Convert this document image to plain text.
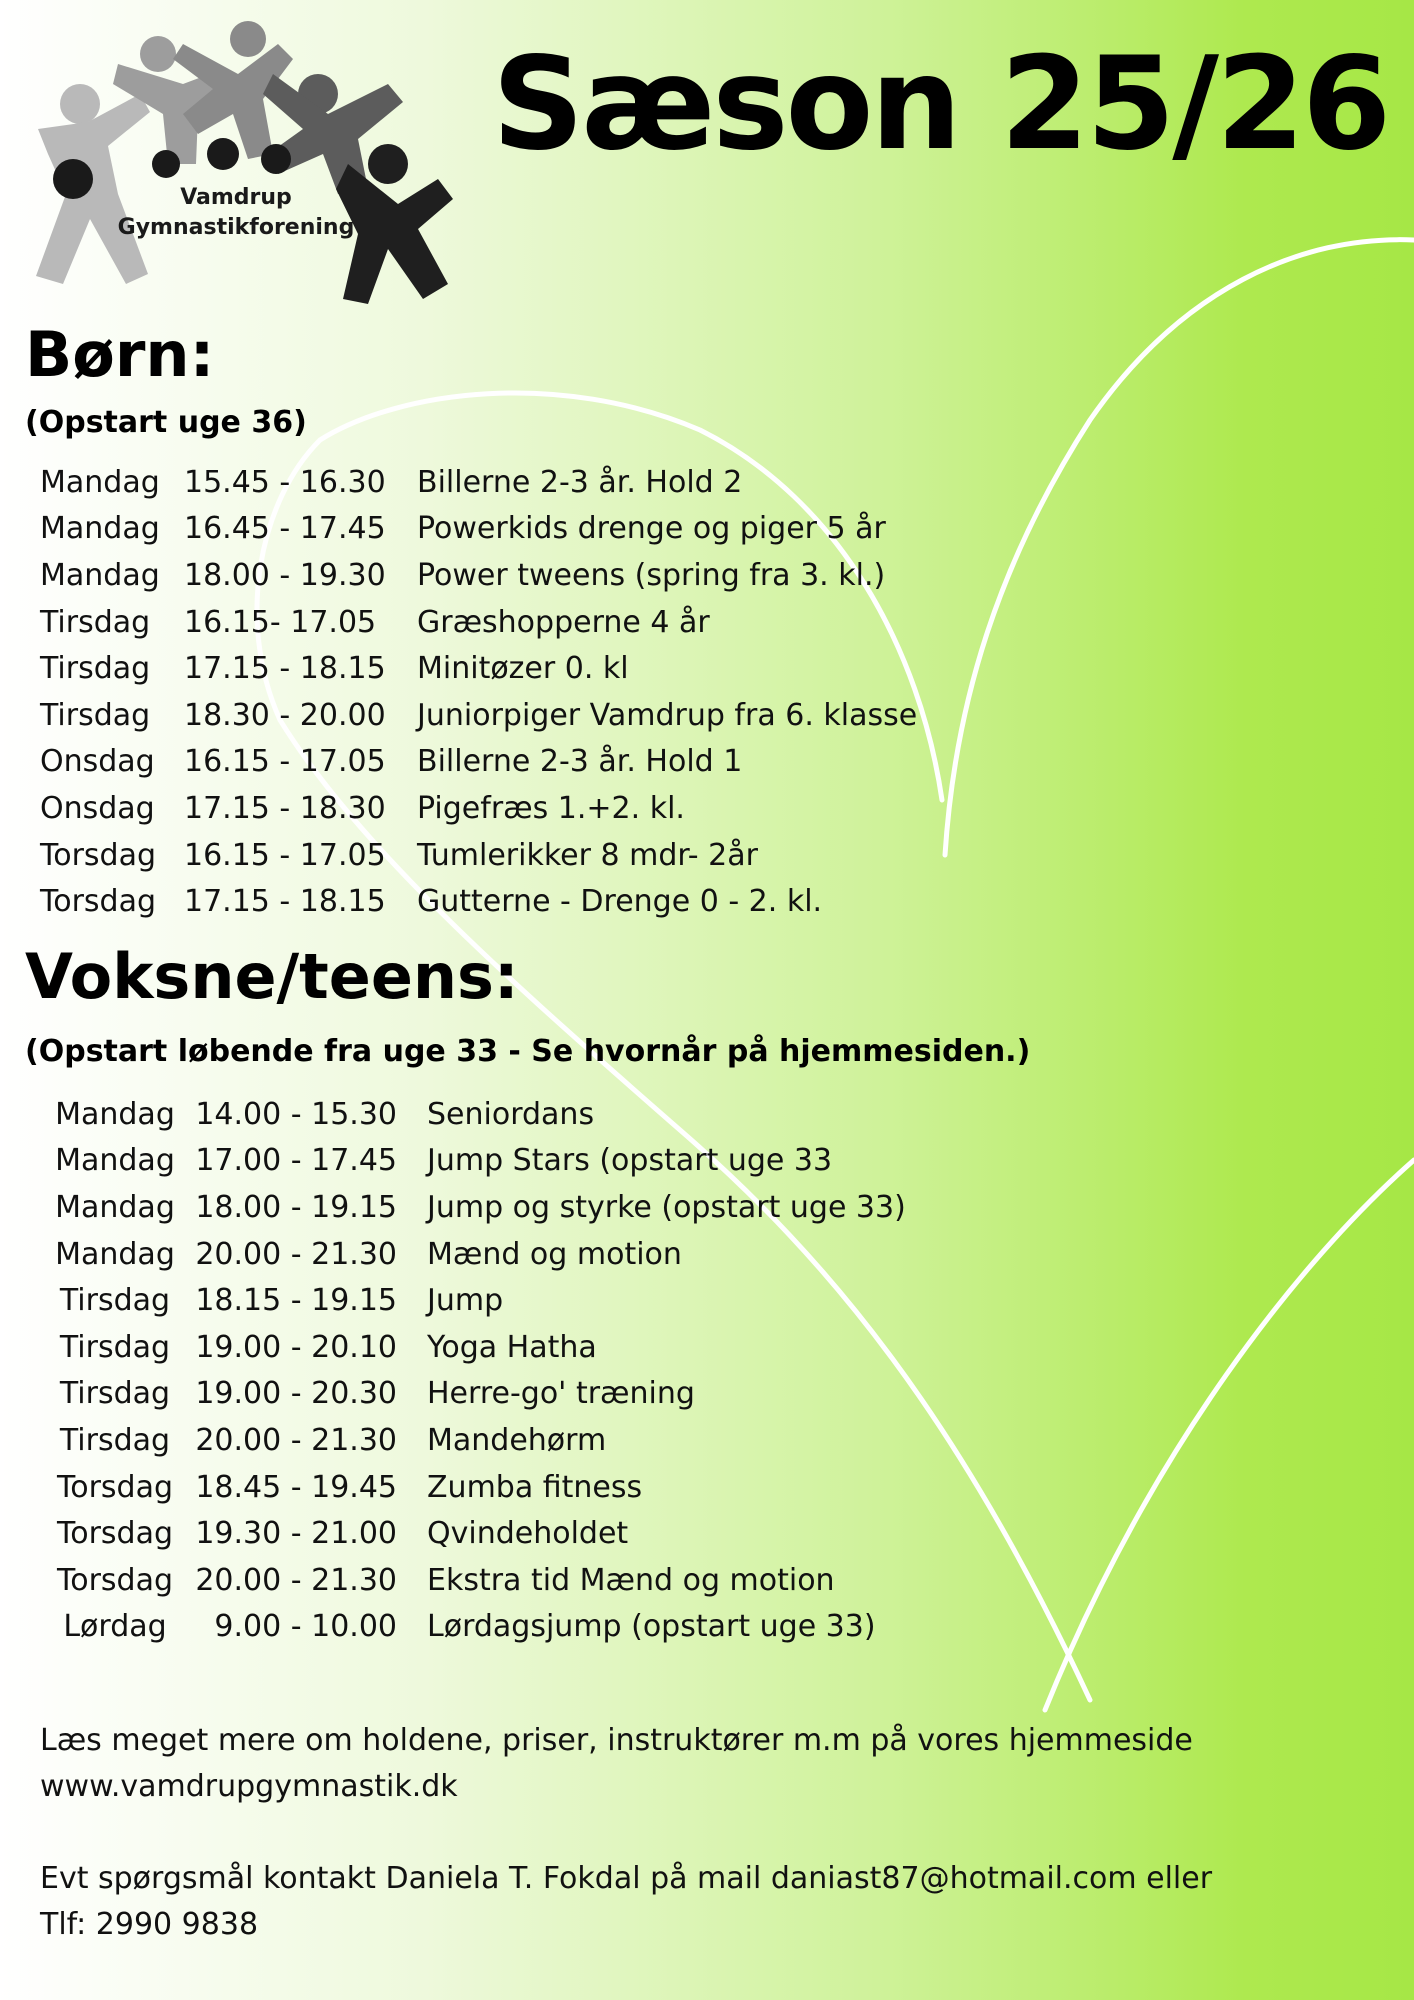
Vamdrup
Gymnastikforening
Sæson 25/26
Børn:
(Opstart uge 36)
Mandag 15.45 - 16.30	Billerne 2-3 år. Hold 2
Mandag 16.45 - 17.45	Powerkids drenge og piger 5 år
Mandag 18.00 - 19.30	Power tweens (spring fra 3. kl.)
Tirsdag	16.15- 17.05	Græshopperne 4 år
Tirsdag	17.15 - 18.15	Minitøzer 0. kl
Tirsdag	18.30 - 20.00	Juniorpiger Vamdrup fra 6. klasse
Onsdag 16.15 - 17.05	Billerne 2-3 år. Hold 1
Onsdag 17.15 - 18.30	Pigefræs 1.+2. kl.
Torsdag 16.15 - 17.05	Tumlerikker 8 mdr- 2år
Torsdag 17.15 - 18.15	Gutterne - Drenge 0 - 2. kl.
Voksne/teens:
(Opstart løbende fra uge 33 - Se hvornår på hjemmesiden.)
Mandag 14.00 - 15.30	Seniordans
Mandag 17.00 - 17.45	Jump Stars (opstart uge 33
Mandag 18.00 - 19.15	Jump og styrke (opstart uge 33)
Mandag 20.00 - 21.30	Mænd og motion
Tirsdag 18.15 - 19.15	Jump
Tirsdag 19.00 - 20.10	Yoga Hatha
Tirsdag 19.00 - 20.30	Herre-go' træning
Tirsdag 20.00 - 21.30	Mandehørm
Torsdag 18.45 - 19.45	Zumba fitness
Torsdag 19.30 - 21.00	Qvindeholdet
Torsdag 20.00 - 21.30	Ekstra tid Mænd og motion
Lørdag	9.00 - 10.00	Lørdagsjump (opstart uge 33)

Læs meget mere om holdene, priser, instruktører m.m på vores hjemmeside

www.vamdrupgymnastik.dk

Evt spørgsmål kontakt Daniela T. Fokdal på mail daniast87@hotmail.com eller

Tlf: 2990 9838
